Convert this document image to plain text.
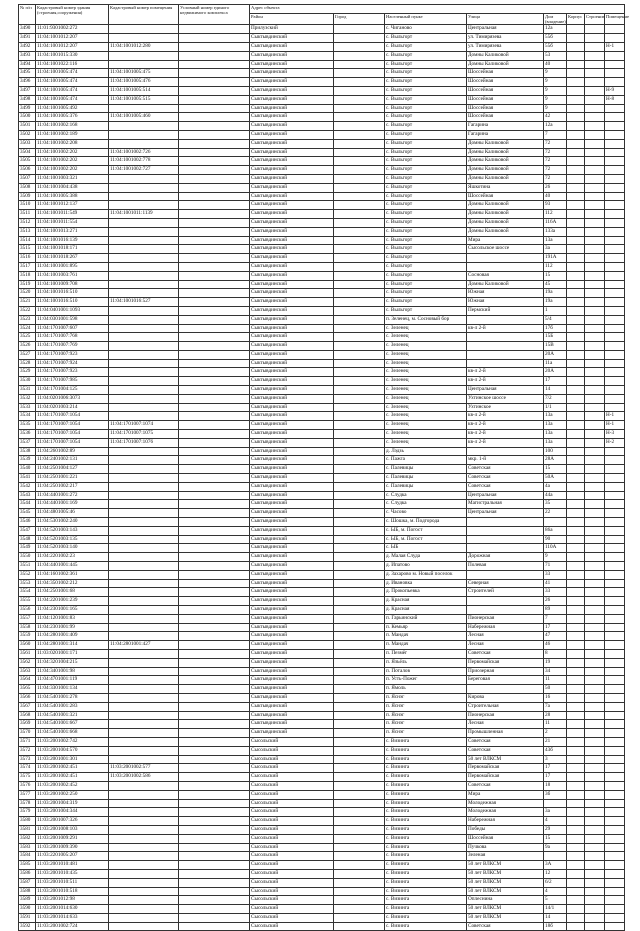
№ п/п	Кадастровый номер здания (строения,сооружения)	Кадастровый номер помещения	Условный номер единого недвижимого комплекса	Адрес объекта							
				Район	Город	Населенный пункт	Улица	Дом (владение)	Корпус	Строение	Помещение
3490	11:01:9301002:272			Прилузский		с. Чиганово	Центральная	12а			
3491	11:04:1001012:207			Сыктывдинский		с. Выльгорт	ул. Тимирязева	55б			
3492	11:04:1001012:207	11:04:1001012:280		Сыктывдинский		с. Выльгорт	ул. Тимирязева	55б			Н-1
3493	11:04:1001015:330			Сыктывдинский		с. Выльгорт	Домны Каликовой	53			
3494	11:04:1001022:116			Сыктывдинский		с. Выльгорт	Домны Каликовой	40			
3495	11:04:1001005:474	11:04:1001005:475		Сыктывдинский		с. Выльгорт	Шоссейная	9			
3496	11:04:1001005:474	11:04:1001005:476		Сыктывдинский		с. Выльгорт	Шоссейная	9			
3497	11:04:1001005:474	11:04:1001005:514		Сыктывдинский		с. Выльгорт	Шоссейная	9			Н-9
3498	11:04:1001005:474	11:04:1001005:515		Сыктывдинский		с. Выльгорт	Шоссейная	9			Н-8
3499	11:04:1001005:492			Сыктывдинский		с. Выльгорт	Шоссейная	9			
3500	11:04:1001005:376	11:04:1001005:460		Сыктывдинский		с. Выльгорт	Шоссейная	42			
3501	11:04:1001002:168			Сыктывдинский		с. Выльгорт	Гагарина	12а			
3502	11:04:1001002:189			Сыктывдинский		с. Выльгорт	Гагарина	7			
3503	11:04:1001002:208			Сыктывдинский		с. Выльгорт	Домны Каликовой	72			
3504	11:04:1001002:202	11:04:1001002:726		Сыктывдинский		с. Выльгорт	Домны Каликовой	72			
3505	11:04:1001002:202	11:04:1001002:778		Сыктывдинский		с. Выльгорт	Домны Каликовой	72			
3506	11:04:1001002:202	11:04:1001002:727		Сыктывдинский		с. Выльгорт	Домны Каликовой	72			
3507	11:04:1001003:321			Сыктывдинский		с. Выльгорт	Домны Каликовой	72			
3508	11:04:1001004:438			Сыктывдинский		с. Выльгорт	Яшкотина	26			
3509	11:04:1001005:388			Сыктывдинский		с. Выльгорт	Шоссейная	40			
3510	11:04:1001012:137			Сыктывдинский		с. Выльгорт	Домны Каликовой	93			
3511	11:04:1001011:549	11:04:1001011:1139		Сыктывдинский		с. Выльгорт	Домны Каликовой	112			
3512	11:04:1001011:554			Сыктывдинский		с. Выльгорт	Домны Каликовой	116А			
3513	11:04:1001013:271			Сыктывдинский		с. Выльгорт	Домны Каликовой	133а			
3514	11:04:1001016:139			Сыктывдинский		с. Выльгорт	Мира	13а			
3515	11:04:1001018:171			Сыктывдинский		с. Выльгорт	Сысольское шоссе	3а			
3516	11:04:1001018:267			Сыктывдинский		с. Выльгорт		191А			
3517	11:04:1001001:895			Сыктывдинский		с. Выльгорт		112			
3518	11:04:1001003:761			Сыктывдинский		с. Выльгорт	Сосновая	15			
3519	11:04:1001009:708			Сыктывдинский		с. Выльгорт	Домны Каликовой	45			
3520	11:04:1001016:510			Сыктывдинский		с. Выльгорт	Южная	19а			
3521	11:04:1001016:510	11:04:1001016:527		Сыктывдинский		с. Выльгорт	Южная	19а			
3522	11:04:0401001:1093			Сыктывдинский		с. Выльгорт	Пермский	1			
3523	11:04:0301001:598			Сыктывдинский		п. Зеленец, м. Сосновый бор		5/4			
3524	11:04:1701007:607			Сыктывдинский		с. Зеленец	кв-л 2-й	17б			
3525	11:04:1701007:768			Сыктывдинский		с. Зеленец		15Б			
3526	11:04:1701007:769			Сыктывдинский		с. Зеленец		15В			
3527	11:04:1701007:923			Сыктывдинский		с. Зеленец		20А			
3528	11:04:1701007:924			Сыктывдинский		с. Зеленец		11а			
3529	11:04:1701007:923			Сыктывдинский		с. Зеленец	кв-л 2-й	20А			
3530	11:04:1701007:985			Сыктывдинский		с. Зеленец	кв-л 2-й	17			
3531	11:04:1701004:125			Сыктывдинский		с. Зеленец	Центральная	14			
3532	11:04:0201006:3073			Сыктывдинский		с. Зеленец	Ухтинское шоссе	7/2			
3533	11:04:0201003:214			Сыктывдинский		с. Зеленец	Ухтинское	1/1			
3534	11:04:1701007:1054			Сыктывдинский		с. Зеленец	кв-л 2-й	13а			Н-1
3535	11:04:1701007:1054	11:04:1701007:1074		Сыктывдинский		с. Зеленец	кв-л 2-й	13а			Н-1
3536	11:04:1701007:1054	11:04:1701007:1075		Сыктывдинский		с. Зеленец	кв-л 2-й	13а			Н-3
3537	11:04:1701007:1054	11:04:1701007:1076		Сыктывдинский		с. Зеленец	кв-л 2-й	13а			Н-2
3538	11:04:2601002:89			Сыктывдинский		д. Лэдзь		100			
3539	11:04:2401002:131			Сыктывдинский		с. Пажга	мкр. 1-й	28А			
3540	11:04:2501004:127			Сыктывдинский		с. Палевицы	Советская	15			
3541	11:04:2501001:221			Сыктывдинский		с. Палевицы	Советская	50А			
3542	11:04:2501002:217			Сыктывдинский		с. Палевицы	Советская	4а			
3543	11:04:4401001:272			Сыктывдинский		с. Слудка	Центральная	44а			
3544	11:04:4401001:169			Сыктывдинский		с. Слудка	Магистральная	35			
3545	11:04:4801005:46			Сыктывдинский		с. Часово	Центральная	22			
3546	11:04:5301002:240			Сыктывдинский		с. Шошка, м. Подгорода					
3547	11:04:5201003:143			Сыктывдинский		с. ЫБ, м. Погост		86а			
3548	11:04:5201003:135			Сыктывдинский		с. ЫБ, м. Погост		90			
3549	11:04:5201003:140			Сыктывдинский		с. ЫБ		110А			
3550	11:04:2201002:23			Сыктывдинский		д. Малая Слуда	Дорожная	9			
3551	11:04:4401001:445			Сыктывдинский		д. Ипатово	Полевая	71			
3552	11:04:1601002:361			Сыктывдинский		д. Захарово м. Новый поселок		33			
3553	11:04:3501002:212			Сыктывдинский		д. Ивановка	Северная	41			
3554	11:04:2501001:68			Сыктывдинский		д. Прокопьевка	Строителей	33			
3555	11:04:2201001:239			Сыктывдинский		д. Красная		26			
3556	11:04:2301001:165			Сыктывдинский		д. Красная		89			
3557	11:04:1201001:83			Сыктывдинский		п. Гарьинский	Пионерская	7			
3558	11:04:2301001:99			Сыктывдинский		п. Кемьяр	Набережная	17			
3559	11:04:2801001:409			Сыктывдинский		п. Мандач	Лесная	47			
3560	11:04:2801001:314	11:04:2801001:427		Сыктывдинский		п. Мандач	Лесная	46			
3561	11:03:0201001:171			Сыктывдинский		п. Пезмёг	Советская	8			
3562	11:04:3201004:215			Сыктывдинский		п. Язъёль	Первомайская	19			
3563	11:04:3401001:98			Сыктывдинский		п. Поталов	Приозерная	34			
3564	11:04:4701001:119			Сыктывдинский		п. Усть-Пожег	Береговая	11			
3565	11:04:3301001:134			Сыктывдинский		п. Ямоль		50			
3566	11:04:5401001:278			Сыктывдинский		п. Яснэг	Кирова	16			
3567	11:04:5401001:283			Сыктывдинский		п. Яснэг	Строительная	7а			
3568	11:04:5401001:321			Сыктывдинский		п. Яснэг	Пионерская	28			
3569	11:04:5401001:667			Сыктывдинский		п. Яснэг	Лесная	11			
3570	11:04:5401001:668			Сыктывдинский		п. Яснэг	Промышленная	2			
3571	11:03:2001002:742			Сысольский		с. Визинга	Советская	21			
3572	11:03:2001004:570			Сысольский		с. Визинга	Советская	43б			
3573	11:03:2001001:301			Сысольский		с. Визинга	50 лет ВЛКСМ	3			
3574	11:03:2001002:451	11:03:2001002:577		Сысольский		с. Визинга	Первомайская	17			
3575	11:03:2001002:451	11:03:2001002:586		Сысольский		с. Визинга	Первомайская	17			
3576	11:03:2001002:452			Сысольский		с. Визинга	Советская	18			
3577	11:03:2001002:250			Сысольский		с. Визинга	Мира	3б			
3578	11:03:2001004:319			Сысольский		с. Визинга	Молодежная				
3579	11:03:2001004:344			Сысольский		с. Визинга	Молодежная	3а			
3580	11:03:2001007:326			Сысольский		с. Визинга	Набережная	4			
3581	11:03:2001008:103			Сысольский		с. Визинга	Победы	29			
3582	11:03:2001009:291			Сысольский		с. Визинга	Шоссейная	15			
3583	11:03:2001009:390			Сысольский		с. Визинга	Пучкова	9а			
3584	11:03:2201005:207			Сысольский		с. Визинга	Зеленая				
3585	11:03:2001010:481			Сысольский		с. Визинга	50 лет ВЛКСМ	3А			
3586	11:03:2001010:435			Сысольский		с. Визинга	50 лет ВЛКСМ	12			
3587	11:03:2001010:511			Сысольский		с. Визинга	50 лет ВЛКСМ	6/2			
3588	11:03:2001010:518			Сысольский		с. Визинга	50 лет ВЛКСМ	4			
3589	11:03:2001012:98			Сысольский		с. Визинга	Оплеснина	5			
3590	11:03:2001014:630			Сысольский		с. Визинга	50 лет ВЛКСМ	14/1			
3591	11:03:2001014:633			Сысольский		с. Визинга	50 лет ВЛКСМ	14			
3592	11:03:2001002:724			Сысольский		с. Визинга	Советская	18б			
